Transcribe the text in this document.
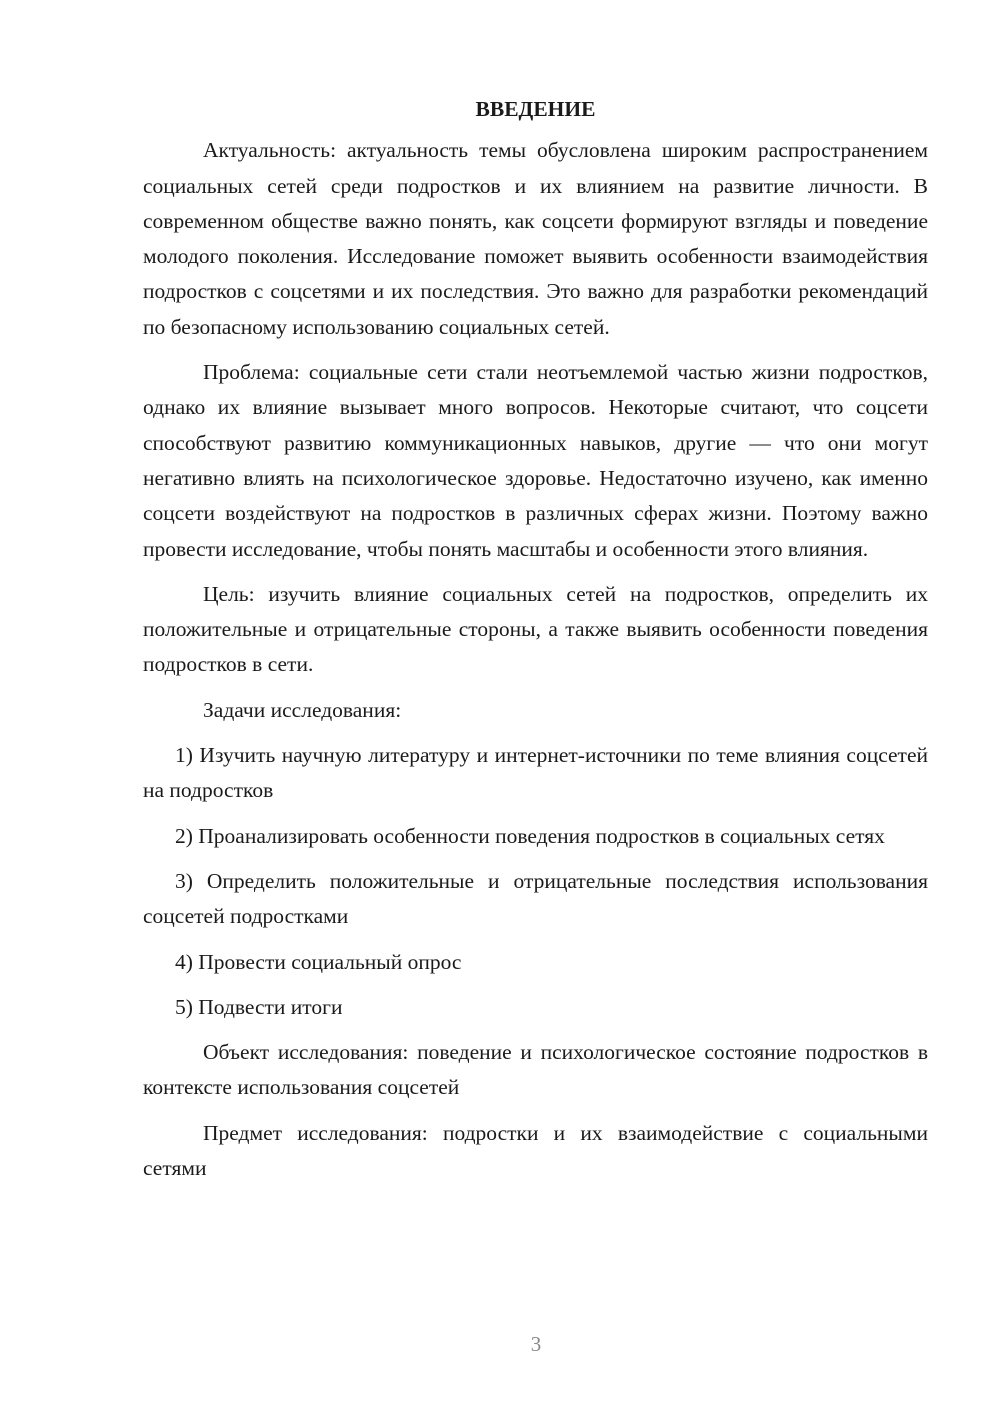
ВВЕДЕНИЕ

Актуальность: актуальность темы обусловлена широким распространением социальных сетей среди подростков и их влиянием на развитие личности. В современном обществе важно понять, как соцсети формируют взгляды и поведение молодого поколения. Исследование поможет выявить особенности взаимодействия подростков с соцсетями и их последствия. Это важно для разработки рекомендаций по безопасному использованию социальных сетей.

Проблема: социальные сети стали неотъемлемой частью жизни подростков, однако их влияние вызывает много вопросов. Некоторые считают, что соцсети способствуют развитию коммуникационных навыков, другие — что они могут негативно влиять на психологическое здоровье. Недостаточно изучено, как именно соцсети воздействуют на подростков в различных сферах жизни. Поэтому важно провести исследование, чтобы понять масштабы и особенности этого влияния.

Цель: изучить влияние социальных сетей на подростков, определить их положительные и отрицательные стороны, а также выявить особенности поведения подростков в сети.

Задачи исследования:

1) Изучить научную литературу и интернет-источники по теме влияния соцсетей на подростков

2) Проанализировать особенности поведения подростков в социальных сетях

3) Определить положительные и отрицательные последствия использования соцсетей подростками

4) Провести социальный опрос

5) Подвести итоги

Объект исследования: поведение и психологическое состояние подростков в контексте использования соцсетей

Предмет исследования: подростки и их взаимодействие с социальными сетями

3
